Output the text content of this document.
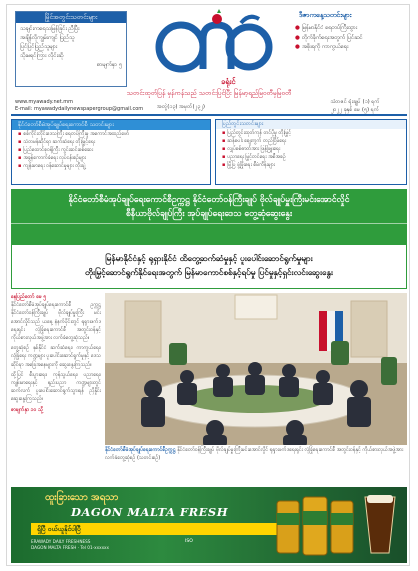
မြိုင်အတွင်းသတင်းများ
သချင်းကရေသမြန်ခြင်း ညီပြီး
အချိန်လိုကျွမ်းကျင် ပြည်သူ
ပြင်ပြင်ပြည်သူများ
သိုးမရင်ကြား လိုင်းဆို
စာမျက်နှာ ၅
ခရုံးင်
ဒီဇာကနေ့သတင်းများ
● မြန်မာနိုင်ငံ ရေတပ်ကြီးထွား
● တိုက်ခိုက်ရေးအတွက် ပြင်ဆင်
● အစိုးရကို ကာကွယ်ရေး
သတင်းထုတ်ပြန် မှန်ကန်သည် သတင်းပြင်ပြီး မြန်မာ့ရည်မြဝတီမှမြဝတီ
www.myawady.net.mm
E-mail: myawadydailynewspapergroup@gmail.com	အတွဲ(၁၃) အမှတ်(၂၃၂)
သံတဇင် ရုံးချုပ် (၁) ရက်
၂၀၂၂ ခုနှစ် မေ (၅) ရက်
နိုင်ငံတော်စီမံအုပ်ချုပ်ရေးကောင်စီ သတင်းများ
▪ စစ်ကိုင်းတိုင်းဒေသကြီး ရေတပ်ကြီးမှု အကောင်အထည်ဖော်
▪ သံတမန်ဆိုင်ရာ ဆက်ဆံရေး တိုးမြှင့်ရေး
▪ ပြည်ထောင်စုဝန်ကြီး ကွင်းဆင်းစစ်ဆေး
▪ အခွန်ကောက်ခံရေး လုပ်ငန်းစဉ်များ
▪ ကျန်းမာရေး ဝန်ဆောင်မှုများ တိုးချဲ့
ပြည်တွင်းသတင်းများ
▪ ပြည်တွင်းထုတ်ကုန် တင်ပို့မှု တိုးမြှင့်
▪ ဆန်စပါး စျေးကွက် တည်ငြိမ်ရေး
▪ လျှပ်စစ်ဓာတ်အား ဖြန့်ဖြူးရေး
▪ ပညာရေး မြှင့်တင်ရေး အစီအစဉ်
▪ မြို့ပြ ဖွံ့ဖြိုးရေး စီမံကိန်းများ
နိုင်ငံတော်စီမံအုပ်ချုပ်ရေးကောင်စီဥက္ကဋ္ဌ နိုင်ငံတော်ဝန်ကြီးချုပ် ဗိုလ်ချုပ်မှူးကြီးမင်းအောင်လှိုင်
စီနီယာဗိုလ်ချုပ်ကြီး အုပ်ချုပ်ရေးဒေသ တွေ့ဆုံဆွေးနွေး
မြန်မာနိုင်ငံနှင့် ရုရှားနိုင်ငံ ထိတွေ့ဆက်ဆံမှုနှင့် ပူးပေါင်းဆောင်ရွက်မှုများ
တိုးမြှင့်ဆောင်ရွက်နိုင်ရေးအတွက် မြန်မာကောင်စစ်နှင့်ရပ်မှု ပြင်မှုနှင့်ရှင်းလင်းဆွေးနွေး
နေပြည်တော် မေ ၅
နိုင်ငံတော်စီမံအုပ်ချုပ်ရေးကောင်စီ ဥက္ကဋ္ဌ နိုင်ငံတော်ဝန်ကြီးချုပ် ဗိုလ်ချုပ်မှူးကြီး မင်းအောင်လှိုင်သည် ယနေ့ နံနက်ပိုင်းတွင် ရုရှားဖက်ဒရေးရှင်း လုံခြုံရေးကောင်စီ အတွင်းဝန်နှင့် ကိုယ်စားလှယ်အဖွဲ့အား လက်ခံတွေ့ဆုံသည်။
တွေ့ဆုံစဉ် နှစ်နိုင်ငံ ဆက်ဆံရေး၊ ကာကွယ်ရေး၊ လုံခြုံရေး ကဏ္ဍများ ပူးပေါင်းဆောင်ရွက်မှုနှင့် ဒေသဆိုင်ရာ အခြေအနေများကို ဆွေးနွေးကြသည်။
ထို့ပြင် စီးပွားရေး၊ ကုန်သွယ်ရေး၊ ပညာရေး၊ ကျန်းမာရေးနှင့် နည်းပညာ ကဏ္ဍများတွင် ဆက်လက် ပူးပေါင်းဆောင်ရွက်သွားရန် ညှိနှိုင်းဆွေးနွေးကြသည်။
စာမျက်နှာ ၁၀ သို့
နိုင်ငံတော်စီမံအုပ်ချုပ်ရေးကောင်စီဥက္ကဋ္ဌ နိုင်ငံတော်ဝန်ကြီးချုပ် ဗိုလ်ချုပ်မှူးကြီးမင်းအောင်လှိုင် ရုရှားဖက်ဒရေးရှင်း လုံခြုံရေးကောင်စီ အတွင်းဝန်နှင့် ကိုယ်စားလှယ်အဖွဲ့အား လက်ခံတွေ့ဆုံစဉ် (သတင်းစဉ်)
ထူးခြားသော အရသာ
DAGON MALTA FRESH
ရှိပြီ ဝယ်ယူနိုင်ပါပြီ
ERAWADY DAILY FRESHNESS
DAGON MALTA FRESH · Tel 01-xxxxxx
ISO
